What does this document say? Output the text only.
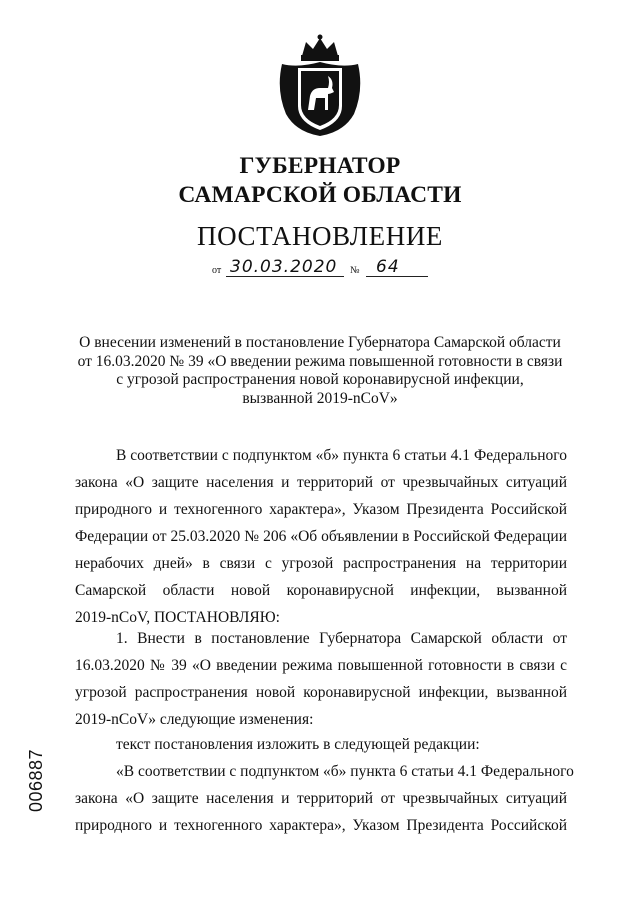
ГУБЕРНАТОР
САМАРСКОЙ ОБЛАСТИ
ПОСТАНОВЛЕНИЕ
от 30.03.2020 № 64
О внесении изменений в постановление Губернатора Самарской области
от 16.03.2020 № 39 «О введении режима повышенной готовности в связи
с угрозой распространения новой коронавирусной инфекции,
вызванной 2019-nCoV»
В соответствии с подпунктом «б» пункта 6 статьи 4.1 Федерального
закона «О защите населения и территорий от чрезвычайных ситуаций
природного и техногенного характера», Указом Президента Российской
Федерации от 25.03.2020 № 206 «Об объявлении в Российской Федерации
нерабочих дней» в связи с угрозой распространения на территории
Самарской области новой коронавирусной инфекции, вызванной
2019-nCoV, ПОСТАНОВЛЯЮ:
1. Внести в постановление Губернатора Самарской области от
16.03.2020 № 39 «О введении режима повышенной готовности в связи с
угрозой распространения новой коронавирусной инфекции, вызванной
2019-nCoV» следующие изменения:
текст постановления изложить в следующей редакции:
«В соответствии с подпунктом «б» пункта 6 статьи 4.1 Федерального
закона «О защите населения и территорий от чрезвычайных ситуаций
природного и техногенного характера», Указом Президента Российской
006887
